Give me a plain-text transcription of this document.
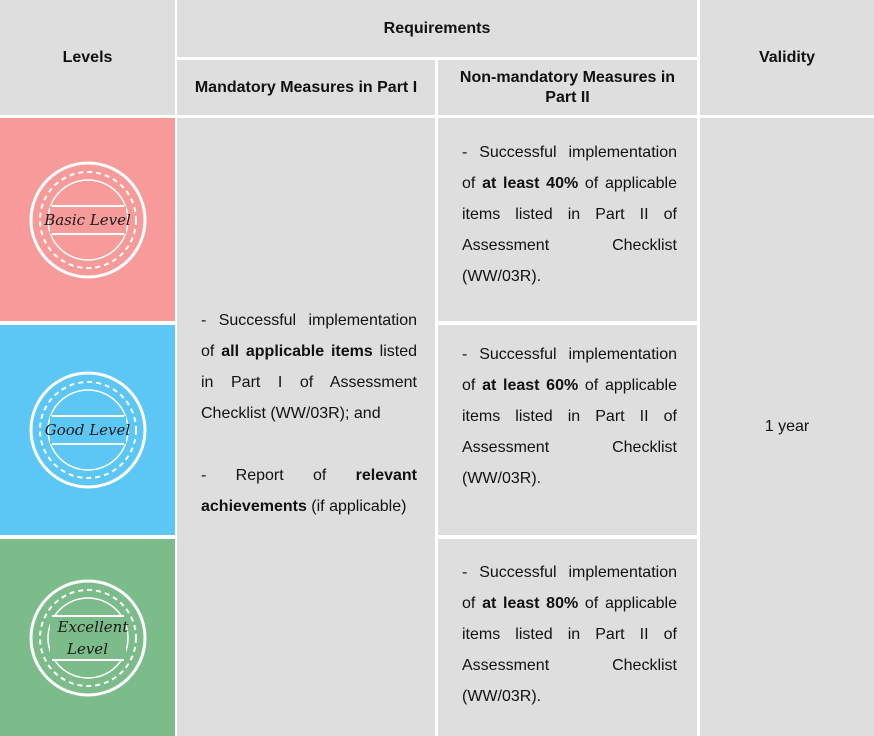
Levels
Requirements
Validity
Mandatory Measures in Part I
Non-mandatory Measures in Part II
Basic Level
Good Level
Excellent Level
- Successful implementation of all applicable items listed in Part I of Assessment Checklist (WW/03R); and
- Report of relevant achievements (if applicable)
- Successful implementation of at least 40% of applicable items listed in Part II of Assessment Checklist (WW/03R).
- Successful implementation of at least 60% of applicable items listed in Part II of Assessment Checklist (WW/03R).
- Successful implementation of at least 80% of applicable items listed in Part II of Assessment Checklist (WW/03R).
1 year
